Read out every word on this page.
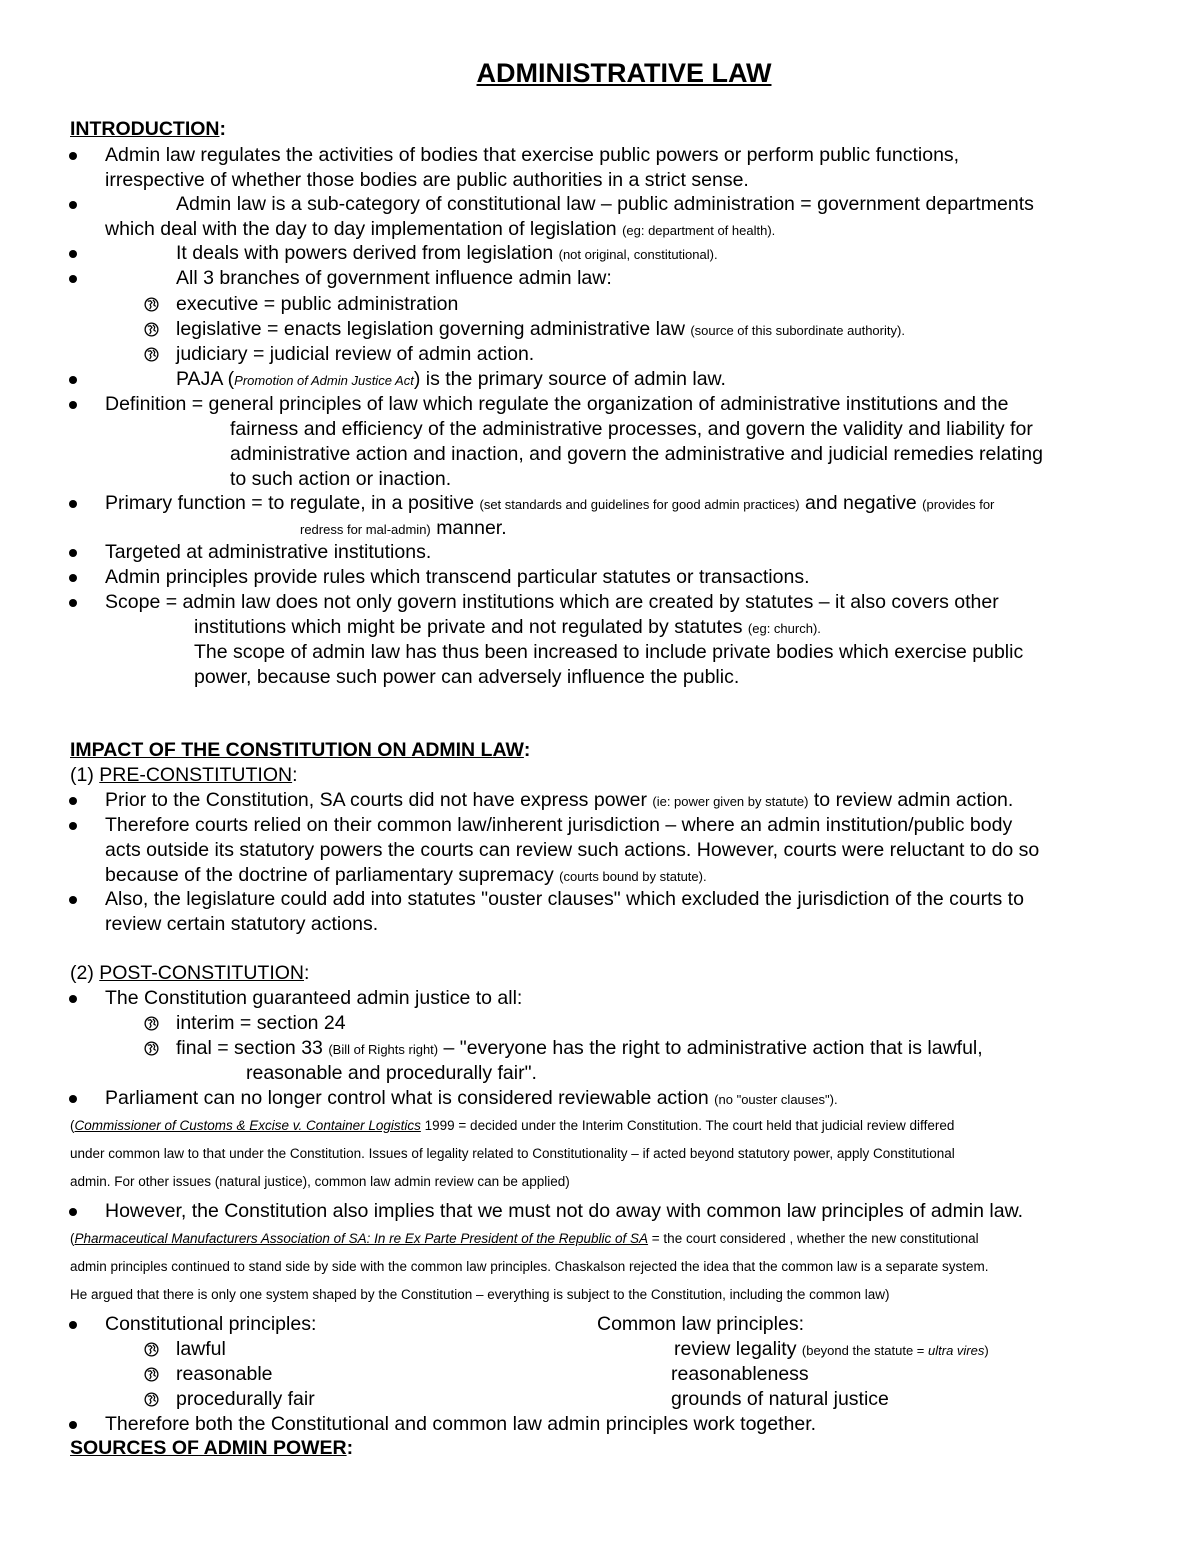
ADMINISTRATIVE LAW
INTRODUCTION:
Admin law regulates the activities of bodies that exercise public powers or perform public functions,
irrespective of whether those bodies are public authorities in a strict sense.
Admin law is a sub-category of constitutional law – public administration = government departments
which deal with the day to day implementation of legislation (eg: department of health).
It deals with powers derived from legislation (not original, constitutional).
All 3 branches of government influence admin law:
executive = public administration
legislative = enacts legislation governing administrative law (source of this subordinate authority).
judiciary = judicial review of admin action.
PAJA (Promotion of Admin Justice Act) is the primary source of admin law.
Definition = general principles of law which regulate the organization of administrative institutions and the
fairness and efficiency of the administrative processes, and govern the validity and liability for
administrative action and inaction, and govern the administrative and judicial remedies relating
to such action or inaction.
Primary function = to regulate, in a positive (set standards and guidelines for good admin practices) and negative (provides for
redress for mal-admin) manner.
Targeted at administrative institutions.
Admin principles provide rules which transcend particular statutes or transactions.
Scope = admin law does not only govern institutions which are created by statutes – it also covers other
institutions which might be private and not regulated by statutes (eg: church).
The scope of admin law has thus been increased to include private bodies which exercise public
power, because such power can adversely influence the public.
IMPACT OF THE CONSTITUTION ON ADMIN LAW:
(1) PRE-CONSTITUTION:
Prior to the Constitution, SA courts did not have express power (ie: power given by statute) to review admin action.
Therefore courts relied on their common law/inherent jurisdiction – where an admin institution/public body
acts outside its statutory powers the courts can review such actions. However, courts were reluctant to do so
because of the doctrine of parliamentary supremacy (courts bound by statute).
Also, the legislature could add into statutes "ouster clauses" which excluded the jurisdiction of the courts to
review certain statutory actions.
(2) POST-CONSTITUTION:
The Constitution guaranteed admin justice to all:
interim = section 24
final = section 33 (Bill of Rights right) – "everyone has the right to administrative action that is lawful,
reasonable and procedurally fair".
Parliament can no longer control what is considered reviewable action (no "ouster clauses").
(Commissioner of Customs & Excise v. Container Logistics 1999 = decided under the Interim Constitution. The court held that judicial review differed
under common law to that under the Constitution. Issues of legality related to Constitutionality – if acted beyond statutory power, apply Constitutional
admin. For other issues (natural justice), common law admin review can be applied)
However, the Constitution also implies that we must not do away with common law principles of admin law.
(Pharmaceutical Manufacturers Association of SA: In re Ex Parte President of the Republic of SA = the court considered , whether the new constitutional
admin principles continued to stand side by side with the common law principles. Chaskalson rejected the idea that the common law is a separate system.
He argued that there is only one system shaped by the Constitution – everything is subject to the Constitution, including the common law)
Constitutional principles:	Common law principles:
lawful	review legality (beyond the statute = ultra vires)
reasonable	reasonableness
procedurally fair	grounds of natural justice
Therefore both the Constitutional and common law admin principles work together.
SOURCES OF ADMIN POWER:
